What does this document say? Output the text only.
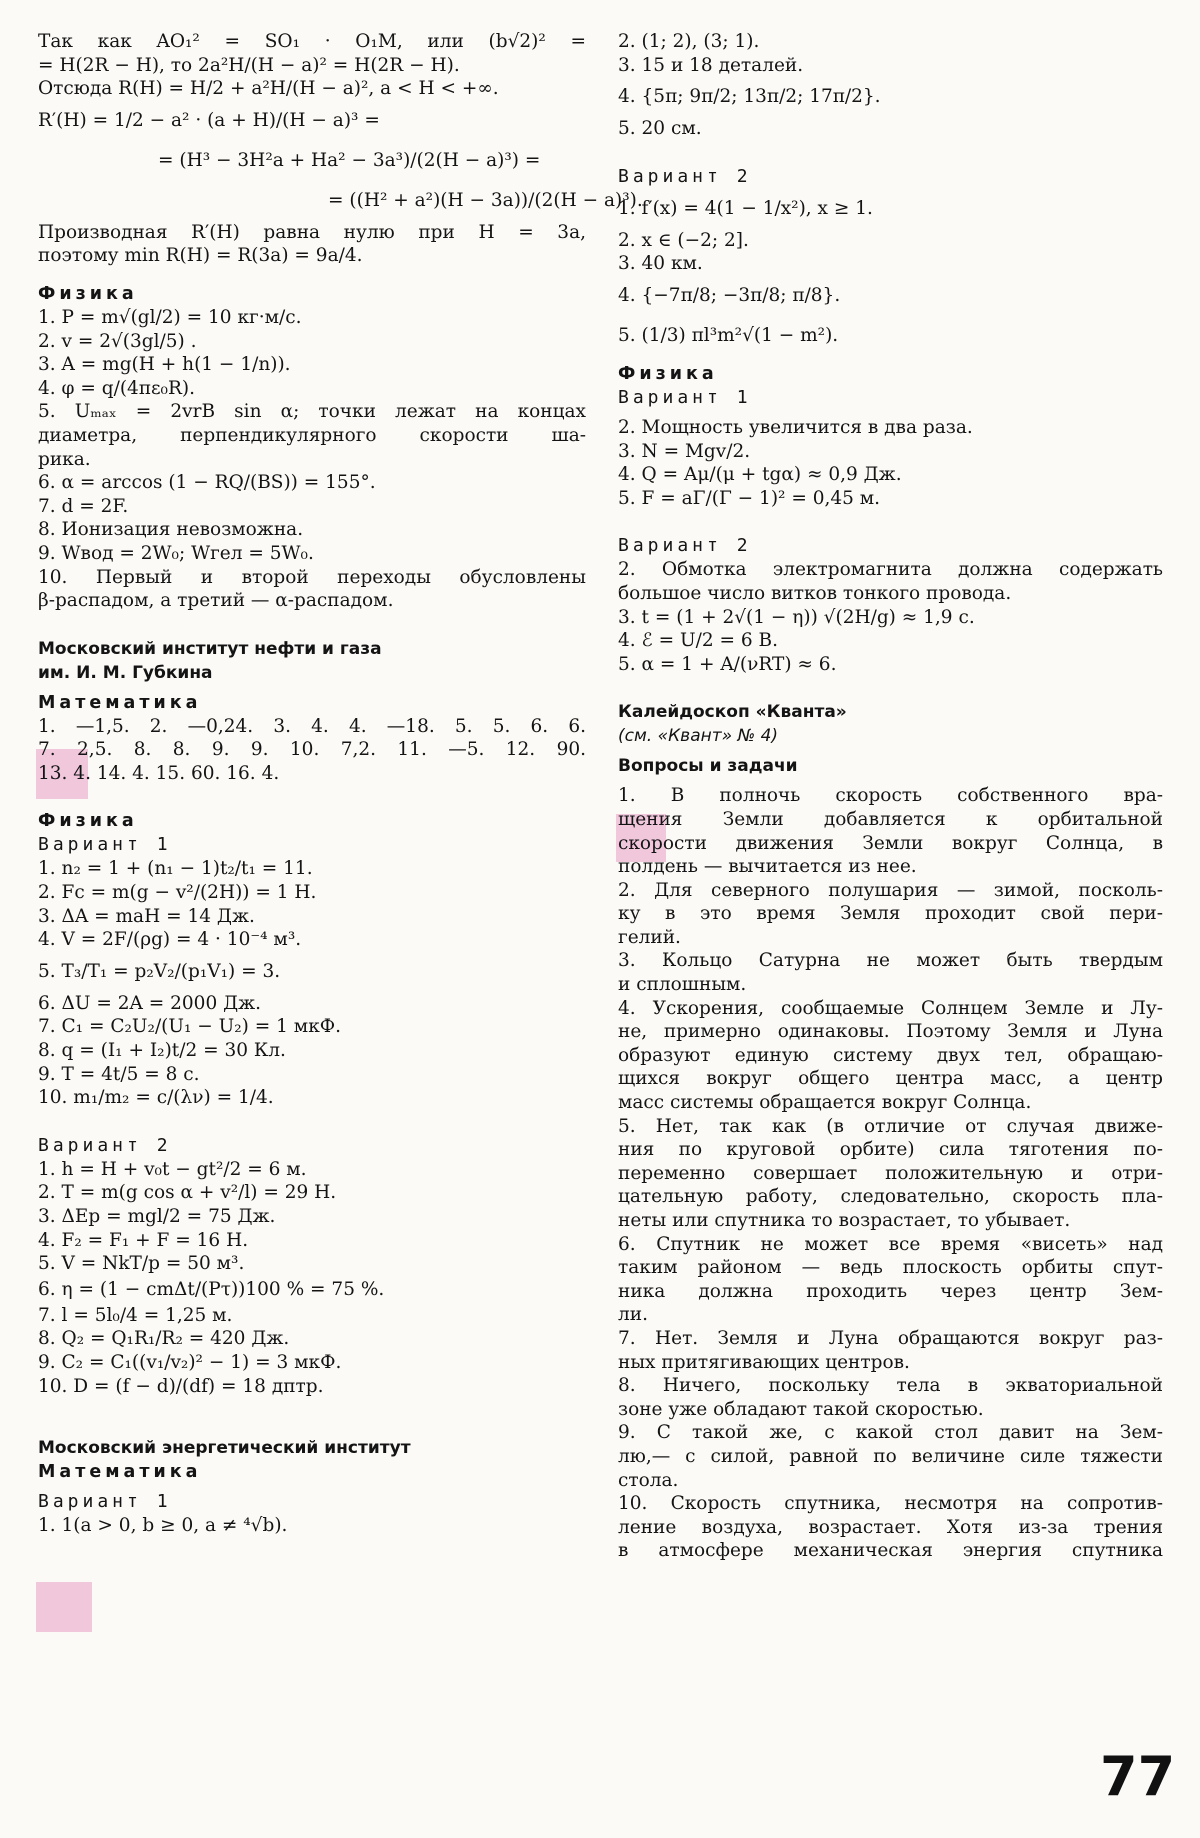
Так как AO₁² = SO₁ · O₁M, или (b√2)² =
= H(2R − H), то 2a²H/(H − a)² = H(2R − H).
Отсюда R(H) = H/2 + a²H/(H − a)², a < H < +∞.
R′(H) = 1/2 − a² · (a + H)/(H − a)³ =
= (H³ − 3H²a + Ha² − 3a³)/(2(H − a)³) =
= ((H² + a²)(H − 3a))/(2(H − a)³).
Производная R′(H) равна нулю при H = 3a,
поэтому min R(H) = R(3a) = 9a/4.
Физика
1. P = m√(gl/2) = 10 кг·м/с.
2. v = 2√(3gl/5) .
3. A = mg(H + h(1 − 1/n)).
4. φ = q/(4πε₀R).
5. Uₘₐₓ = 2vrB sin α; точки лежат на концах
диаметра, перпендикулярного скорости ша-
рика.
6. α = arccos (1 − RQ/(BS)) = 155°.
7. d = 2F.
8. Ионизация невозможна.
9. Wвод = 2W₀; Wгел = 5W₀.
10. Первый и второй переходы обусловлены
β-распадом, а третий — α-распадом.
Московский институт нефти и газа
им. И. М. Губкина
Математика
1. —1,5. 2. —0,24. 3. 4. 4. —18. 5. 5. 6. 6.
7. 2,5. 8. 8. 9. 9. 10. 7,2. 11. —5. 12. 90.
13. 4. 14. 4. 15. 60. 16. 4.
Физика
Вариант 1
1. n₂ = 1 + (n₁ − 1)t₂/t₁ = 11.
2. Fc = m(g − v²/(2H)) = 1 Н.
3. ΔA = maH = 14 Дж.
4. V = 2F/(ρg) = 4 · 10⁻⁴ м³.
5. T₃/T₁ = p₂V₂/(p₁V₁) = 3.
6. ΔU = 2A = 2000 Дж.
7. C₁ = C₂U₂/(U₁ − U₂) = 1 мкФ.
8. q = (I₁ + I₂)t/2 = 30 Кл.
9. T = 4t/5 = 8 с.
10. m₁/m₂ = c/(λν) = 1/4.
Вариант 2
1. h = H + v₀t − gt²/2 = 6 м.
2. T = m(g cos α + v²/l) = 29 Н.
3. ΔEp = mgl/2 = 75 Дж.
4. F₂ = F₁ + F = 16 Н.
5. V = NkT/p = 50 м³.
6. η = (1 − cmΔt/(Pτ))100 % = 75 %.
7. l = 5l₀/4 = 1,25 м.
8. Q₂ = Q₁R₁/R₂ = 420 Дж.
9. C₂ = C₁((v₁/v₂)² − 1) = 3 мкФ.
10. D = (f − d)/(df) = 18 дптр.
Московский энергетический институт
Математика
Вариант 1
1. 1(a > 0, b ≥ 0, a ≠ ⁴√b).
2. (1; 2), (3; 1).
3. 15 и 18 деталей.
4. {5π; 9π/2; 13π/2; 17π/2}.
5. 20 см.
Вариант 2
1. f′(x) = 4(1 − 1/x²), x ≥ 1.
2. x ∈ (−2; 2].
3. 40 км.
4. {−7π/8; −3π/8; π/8}.
5. (1/3) πl³m²√(1 − m²).
Физика
Вариант 1
2. Мощность увеличится в два раза.
3. N = Mgv/2.
4. Q = Aμ/(μ + tgα) ≈ 0,9 Дж.
5. F = aΓ/(Γ − 1)² = 0,45 м.
Вариант 2
2. Обмотка электромагнита должна содержать
большое число витков тонкого провода.
3. t = (1 + 2√(1 − η)) √(2H/g) ≈ 1,9 с.
4. ℰ = U/2 = 6 В.
5. α = 1 + A/(νRT) ≈ 6.
Калейдоскоп «Кванта»
(см. «Квант» № 4)
Вопросы и задачи
1. В полночь скорость собственного вра-
щения Земли добавляется к орбитальной
скорости движения Земли вокруг Солнца, в
полдень — вычитается из нее.
2. Для северного полушария — зимой, посколь-
ку в это время Земля проходит свой пери-
гелий.
3. Кольцо Сатурна не может быть твердым
и сплошным.
4. Ускорения, сообщаемые Солнцем Земле и Лу-
не, примерно одинаковы. Поэтому Земля и Луна
образуют единую систему двух тел, обращаю-
щихся вокруг общего центра масс, а центр
масс системы обращается вокруг Солнца.
5. Нет, так как (в отличие от случая движе-
ния по круговой орбите) сила тяготения по-
переменно совершает положительную и отри-
цательную работу, следовательно, скорость пла-
неты или спутника то возрастает, то убывает.
6. Спутник не может все время «висеть» над
таким районом — ведь плоскость орбиты спут-
ника должна проходить через центр Зем-
ли.
7. Нет. Земля и Луна обращаются вокруг раз-
ных притягивающих центров.
8. Ничего, поскольку тела в экваториальной
зоне уже обладают такой скоростью.
9. С такой же, с какой стол давит на Зем-
лю,— с силой, равной по величине силе тяжести
стола.
10. Скорость спутника, несмотря на сопротив-
ление воздуха, возрастает. Хотя из-за трения
в атмосфере механическая энергия спутника
77
